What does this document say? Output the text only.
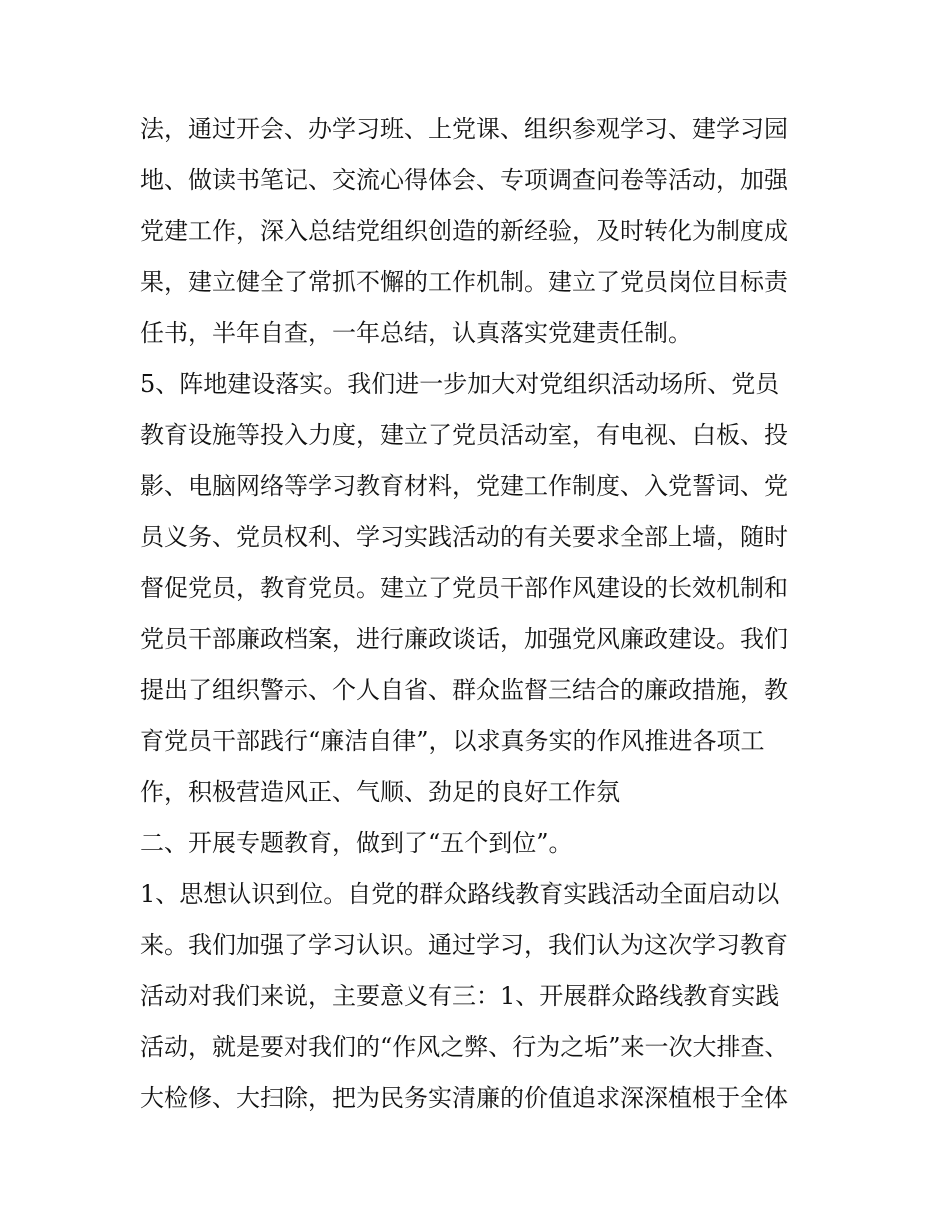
法，通过开会、办学习班、上党课、组织参观学习、建学习园
地、做读书笔记、交流心得体会、专项调查问卷等活动，加强
党建工作，深入总结党组织创造的新经验，及时转化为制度成
果，建立健全了常抓不懈的工作机制。建立了党员岗位目标责
任书，半年自查，一年总结，认真落实党建责任制。
5、阵地建设落实。我们进一步加大对党组织活动场所、党员
教育设施等投入力度，建立了党员活动室，有电视、白板、投
影、电脑网络等学习教育材料，党建工作制度、入党誓词、党
员义务、党员权利、学习实践活动的有关要求全部上墙，随时
督促党员，教育党员。建立了党员干部作风建设的长效机制和
党员干部廉政档案，进行廉政谈话，加强党风廉政建设。我们
提出了组织警示、个人自省、群众监督三结合的廉政措施，教
育党员干部践行“廉洁自律”，以求真务实的作风推进各项工
作，积极营造风正、气顺、劲足的良好工作氛
二、开展专题教育，做到了“五个到位”。
1、思想认识到位。自党的群众路线教育实践活动全面启动以
来。我们加强了学习认识。通过学习，我们认为这次学习教育
活动对我们来说，主要意义有三：1、开展群众路线教育实践
活动，就是要对我们的“作风之弊、行为之垢”来一次大排查、
大检修、大扫除，把为民务实清廉的价值追求深深植根于全体
